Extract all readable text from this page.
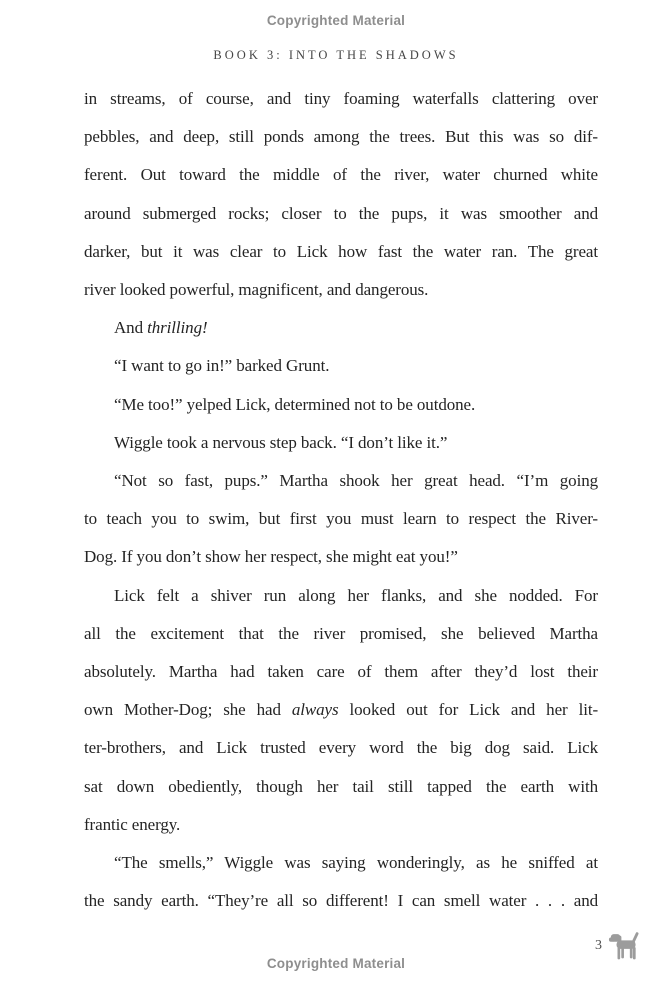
Copyrighted Material
BOOK 3: INTO THE SHADOWS
in streams, of course, and tiny foaming waterfalls clattering over
pebbles, and deep, still ponds among the trees. But this was so dif-
ferent. Out toward the middle of the river, water churned white
around submerged rocks; closer to the pups, it was smoother and
darker, but it was clear to Lick how fast the water ran. The great
river looked powerful, magnificent, and dangerous.
And thrilling!
“I want to go in!” barked Grunt.
“Me too!” yelped Lick, determined not to be outdone.
Wiggle took a nervous step back. “I don’t like it.”
“Not so fast, pups.” Martha shook her great head. “I’m going
to teach you to swim, but first you must learn to respect the River-
Dog. If you don’t show her respect, she might eat you!”
Lick felt a shiver run along her flanks, and she nodded. For
all the excitement that the river promised, she believed Martha
absolutely. Martha had taken care of them after they’d lost their
own Mother-Dog; she had always looked out for Lick and her lit-
ter-brothers, and Lick trusted every word the big dog said. Lick
sat down obediently, though her tail still tapped the earth with
frantic energy.
“The smells,” Wiggle was saying wonderingly, as he sniffed at
the sandy earth. “They’re all so different! I can smell water . . . and
3
Copyrighted Material
